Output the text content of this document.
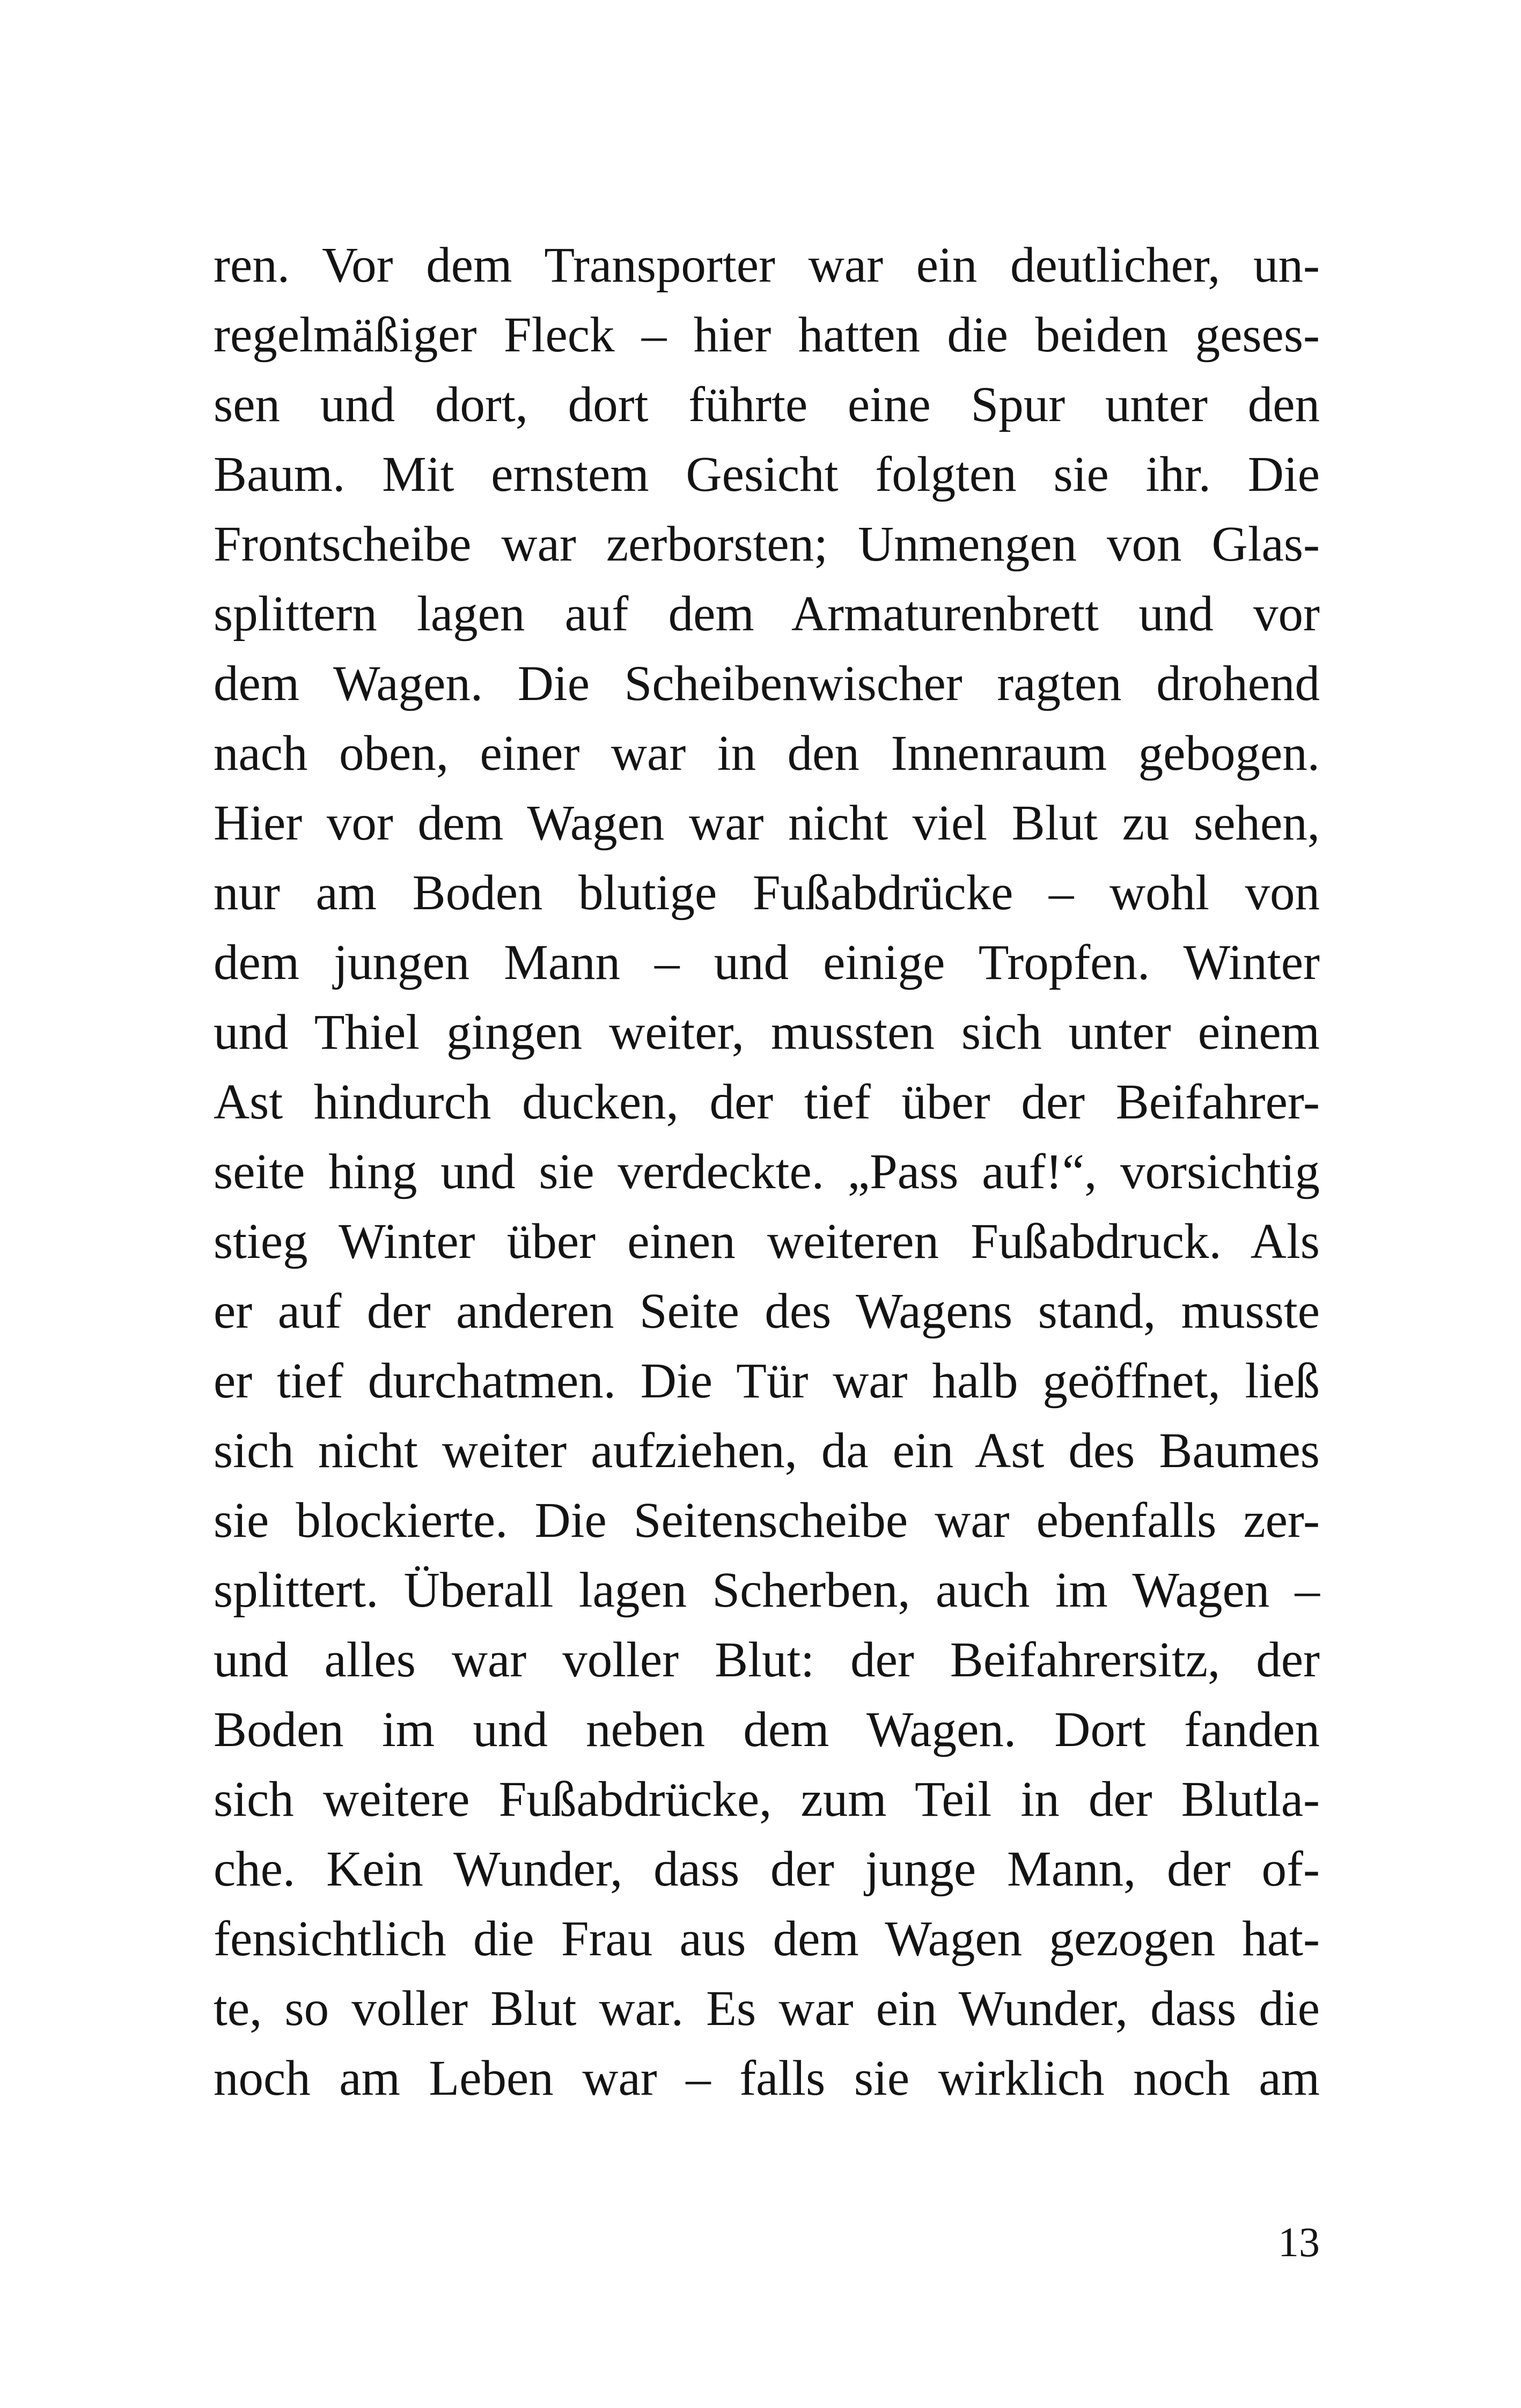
ren. Vor dem Transporter war ein deutlicher, un-
regelmäßiger Fleck – hier hatten die beiden geses-
sen und dort, dort führte eine Spur unter den
Baum. Mit ernstem Gesicht folgten sie ihr. Die
Frontscheibe war zerborsten; Unmengen von Glas-
splittern lagen auf dem Armaturenbrett und vor
dem Wagen. Die Scheibenwischer ragten drohend
nach oben, einer war in den Innenraum gebogen.
Hier vor dem Wagen war nicht viel Blut zu sehen,
nur am Boden blutige Fußabdrücke – wohl von
dem jungen Mann – und einige Tropfen. Winter
und Thiel gingen weiter, mussten sich unter einem
Ast hindurch ducken, der tief über der Beifahrer-
seite hing und sie verdeckte. „Pass auf!“, vorsichtig
stieg Winter über einen weiteren Fußabdruck. Als
er auf der anderen Seite des Wagens stand, musste
er tief durchatmen. Die Tür war halb geöffnet, ließ
sich nicht weiter aufziehen, da ein Ast des Baumes
sie blockierte. Die Seitenscheibe war ebenfalls zer-
splittert. Überall lagen Scherben, auch im Wagen –
und alles war voller Blut: der Beifahrersitz, der
Boden im und neben dem Wagen. Dort fanden
sich weitere Fußabdrücke, zum Teil in der Blutla-
che. Kein Wunder, dass der junge Mann, der of-
fensichtlich die Frau aus dem Wagen gezogen hat-
te, so voller Blut war. Es war ein Wunder, dass die
noch am Leben war – falls sie wirklich noch am
13
